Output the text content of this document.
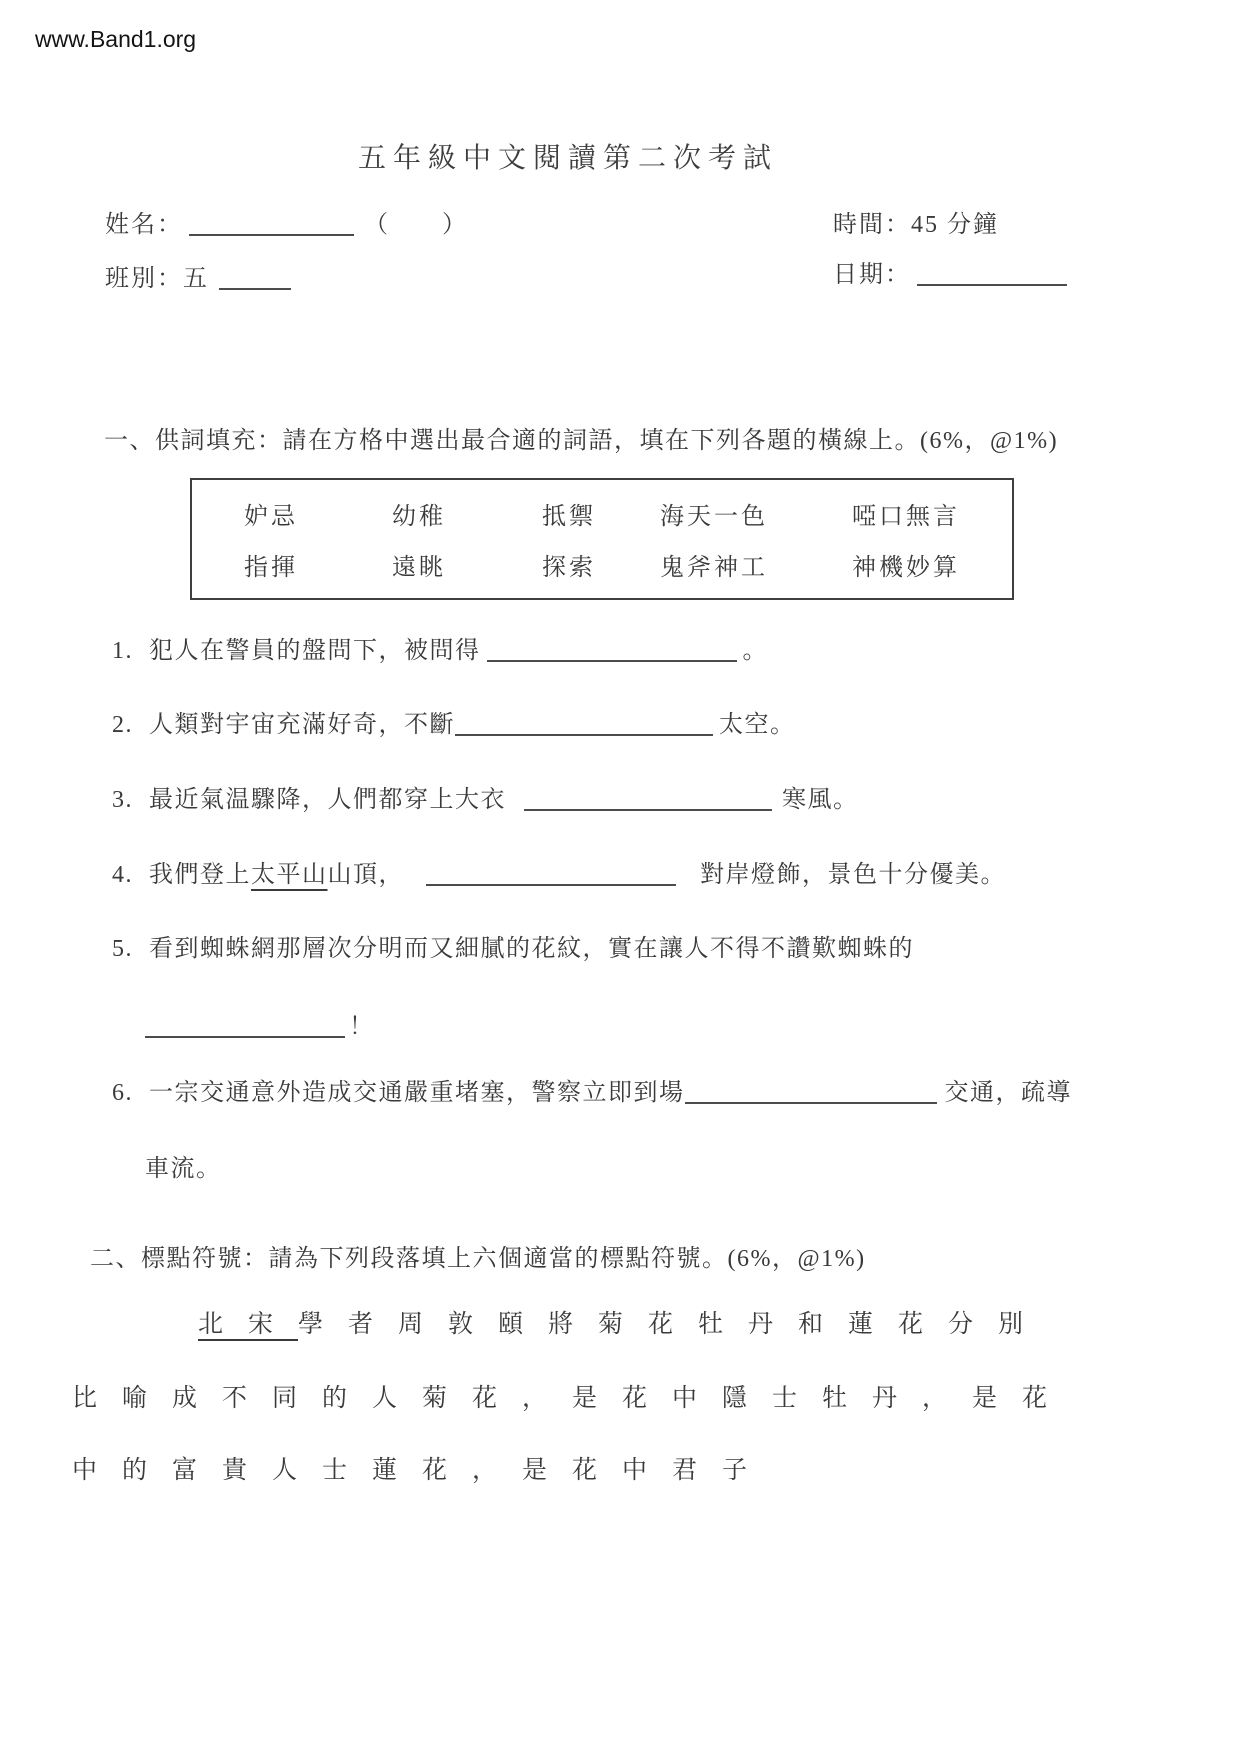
www.Band1.org
五年級中文閱讀第二次考試
姓名：	（　　）
班別：五
時間：45 分鐘
日期：
一、供詞填充：請在方格中選出最合適的詞語，填在下列各題的橫線上。(6%，@1%)
妒忌	幼稚	抵禦	海天一色	啞口無言
指揮	遠眺	探索	鬼斧神工	神機妙算
1. 犯人在警員的盤問下，被問得	。
2. 人類對宇宙充滿好奇，不斷	太空。
3. 最近氣温驟降，人們都穿上大衣	寒風。
4. 我們登上太平山山頂，	對岸燈飾，景色十分優美。
5. 看到蜘蛛網那層次分明而又細膩的花紋，實在讓人不得不讚歎蜘蛛的
！
6. 一宗交通意外造成交通嚴重堵塞，警察立即到場	交通，疏導
車流。
二、標點符號：請為下列段落填上六個適當的標點符號。(6%，@1%)
北宋學者周敦頤將菊花牡丹和蓮花分別
比喻成不同的人菊花，是花中隱士牡丹，是花
中的富貴人士蓮花，是花中君子
